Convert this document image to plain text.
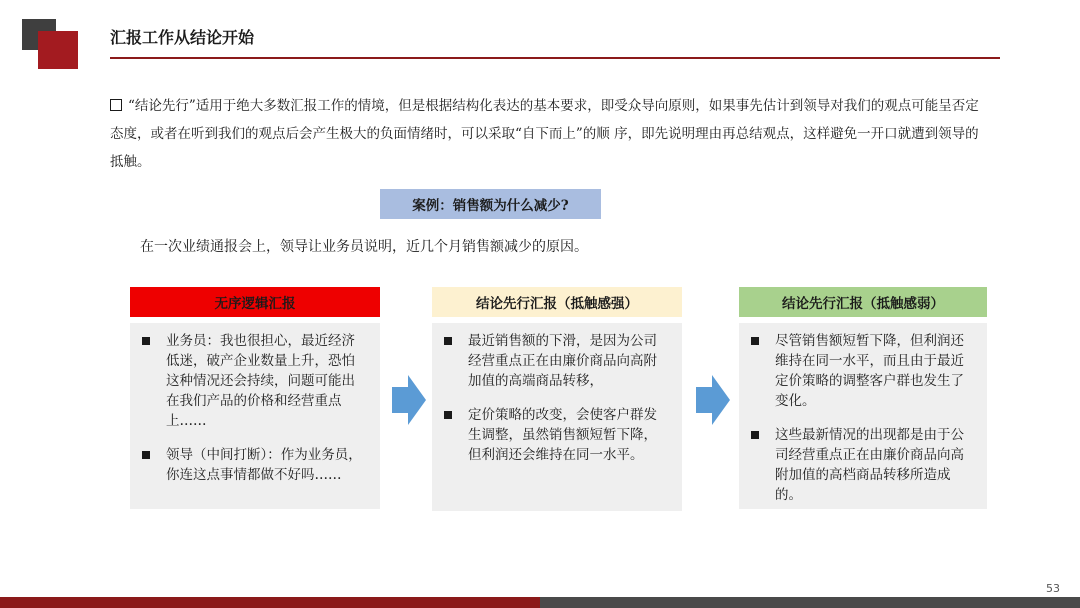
汇报工作从结论开始
“结论先行”适用于绝大多数汇报工作的情境，但是根据结构化表达的基本要求，即受众导向原则，如果事先估计到领导对我们的观点可能呈否定态度，或者在听到我们的观点后会产生极大的负面情绪时，可以采取“自下而上”的顺 序，即先说明理由再总结观点，这样避免一开口就遭到领导的抵触。
案例：销售额为什么减少?
在一次业绩通报会上，领导让业务员说明，近几个月销售额减少的原因。
无序逻辑汇报
业务员：我也很担心，最近经济低迷，破产企业数量上升，恐怕这种情况还会持续，问题可能出在我们产品的价格和经营重点上……
领导（中间打断）：作为业务员，你连这点事情都做不好吗……
结论先行汇报（抵触感强）
最近销售额的下滑，是因为公司经营重点正在由廉价商品向高附加值的高端商品转移，
定价策略的改变，会使客户群发生调整，虽然销售额短暂下降，但利润还会维持在同一水平。
结论先行汇报（抵触感弱）
尽管销售额短暂下降，但利润还维持在同一水平，而且由于最近定价策略的调整客户群也发生了变化。
这些最新情况的出现都是由于公司经营重点正在由廉价商品向高附加值的高档商品转移所造成的。
53
